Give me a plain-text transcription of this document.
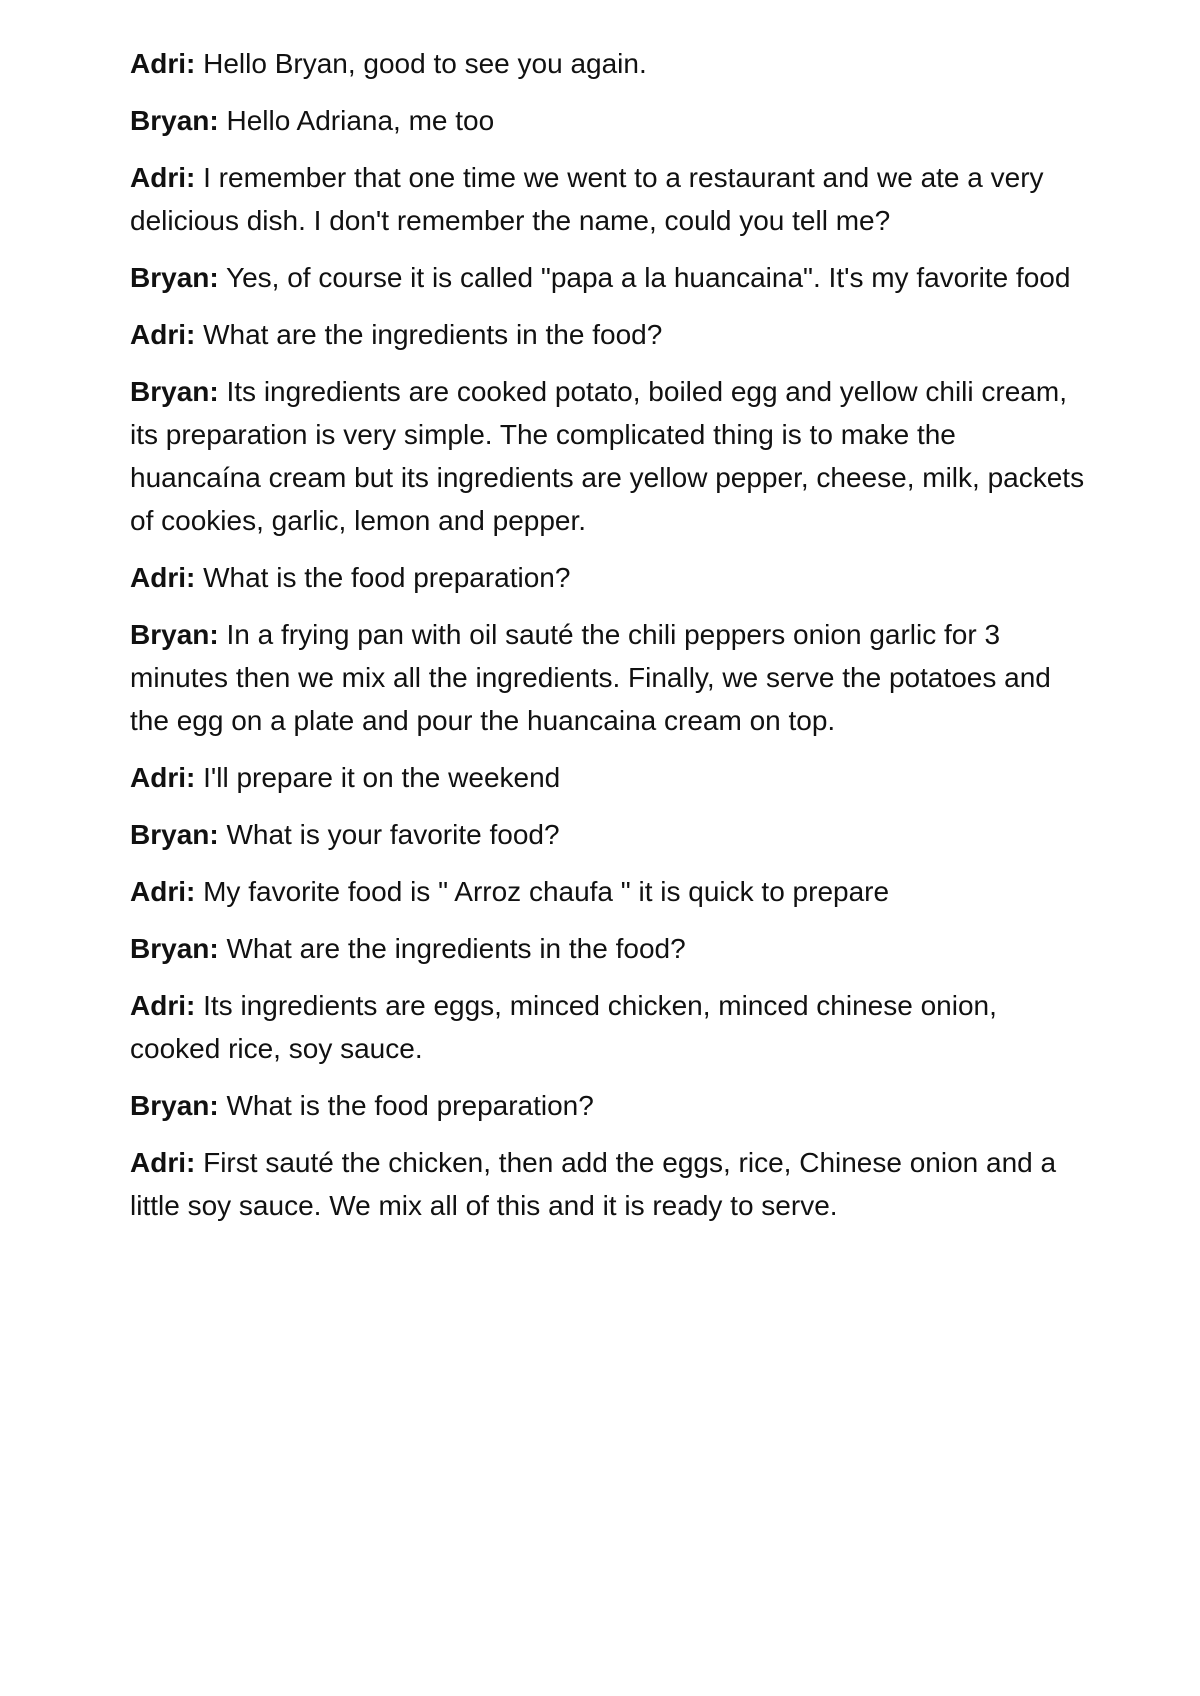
Adri: Hello Bryan, good to see you again.

Bryan: Hello Adriana, me too

Adri: I remember that one time we went to a restaurant and we ate a very delicious dish. I don't remember the name, could you tell me?

Bryan: Yes, of course it is called "papa a la huancaina". It's my favorite food

Adri: What are the ingredients in the food?

Bryan: Its ingredients are cooked potato, boiled egg and yellow chili cream, its preparation is very simple. The complicated thing is to make the huancaína cream but its ingredients are yellow pepper, cheese, milk, packets of cookies, garlic, lemon and pepper.

Adri: What is the food preparation?

Bryan: In a frying pan with oil sauté the chili peppers onion garlic for 3 minutes then we mix all the ingredients. Finally, we serve the potatoes and the egg on a plate and pour the huancaina cream on top.

Adri: I'll prepare it on the weekend

Bryan: What is your favorite food?

Adri: My favorite food is " Arroz chaufa " it is quick to prepare

Bryan: What are the ingredients in the food?

Adri: Its ingredients are eggs, minced chicken, minced chinese onion, cooked rice, soy sauce.

Bryan: What is the food preparation?

Adri: First sauté the chicken, then add the eggs, rice, Chinese onion and a little soy sauce. We mix all of this and it is ready to serve.
